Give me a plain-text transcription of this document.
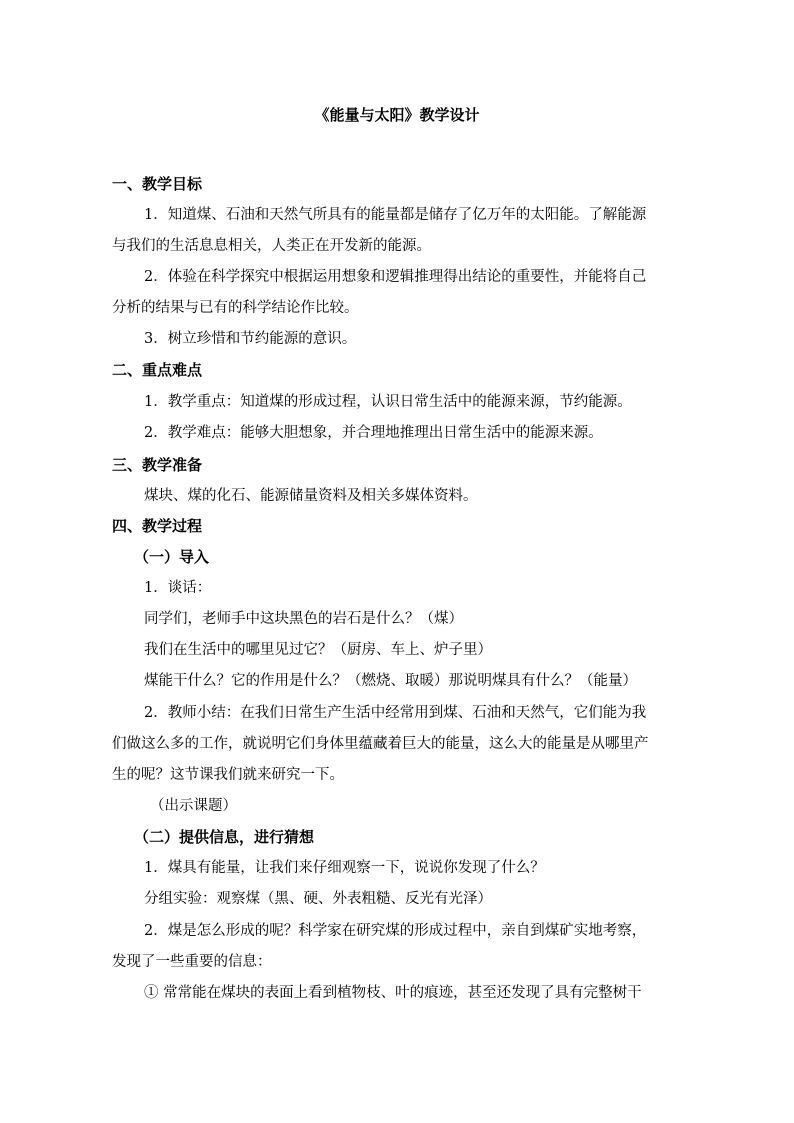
《能量与太阳》教学设计
一、教学目标
1．知道煤、石油和天然气所具有的能量都是储存了亿万年的太阳能。了解能源
与我们的生活息息相关，人类正在开发新的能源。
2．体验在科学探究中根据运用想象和逻辑推理得出结论的重要性，并能将自己
分析的结果与已有的科学结论作比较。
3．树立珍惜和节约能源的意识。
二、重点难点
1．教学重点：知道煤的形成过程，认识日常生活中的能源来源，节约能源。
2．教学难点：能够大胆想象，并合理地推理出日常生活中的能源来源。
三、教学准备
煤块、煤的化石、能源储量资料及相关多媒体资料。
四、教学过程
（一）导入
1．谈话：
同学们，老师手中这块黑色的岩石是什么？（煤）
我们在生活中的哪里见过它？（厨房、车上、炉子里）
煤能干什么？它的作用是什么？（燃烧、取暖）那说明煤具有什么？（能量）
2．教师小结：在我们日常生产生活中经常用到煤、石油和天然气，它们能为我
们做这么多的工作，就说明它们身体里蕴藏着巨大的能量，这么大的能量是从哪里产
生的呢？这节课我们就来研究一下。
（出示课题）
（二）提供信息，进行猜想
1．煤具有能量，让我们来仔细观察一下，说说你发现了什么？
分组实验：观察煤（黑、硬、外表粗糙、反光有光泽）
2．煤是怎么形成的呢？科学家在研究煤的形成过程中，亲自到煤矿实地考察，
发现了一些重要的信息：
① 常常能在煤块的表面上看到植物枝、叶的痕迹，甚至还发现了具有完整树干
